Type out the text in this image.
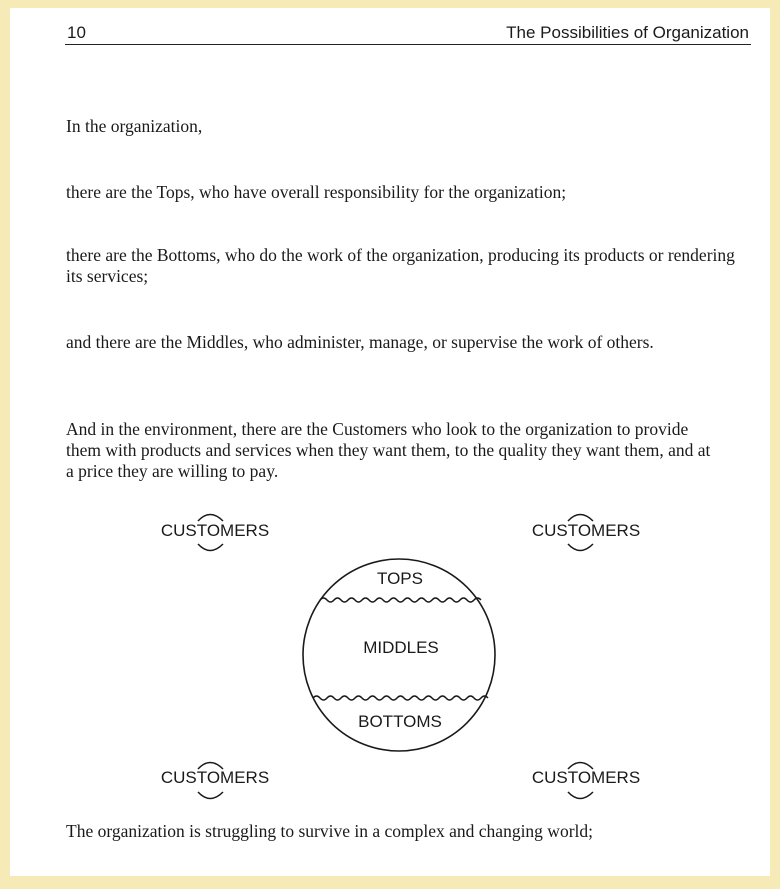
10	The Possibilities of Organization

In the organization,

there are the Tops, who have overall responsibility for the organization;

there are the Bottoms, who do the work of the organization, producing its products or rendering its services;

and there are the Middles, who administer, manage, or supervise the work of others.

And in the environment, there are the Customers who look to the organization to provide them with products and services when they want them, to the quality they want them, and at a price they are willing to pay.

CUSTOMERS	CUSTOMERS
CUSTOMERS	CUSTOMERS
TOPS
MIDDLES
BOTTOMS

The organization is struggling to survive in a complex and changing world;
